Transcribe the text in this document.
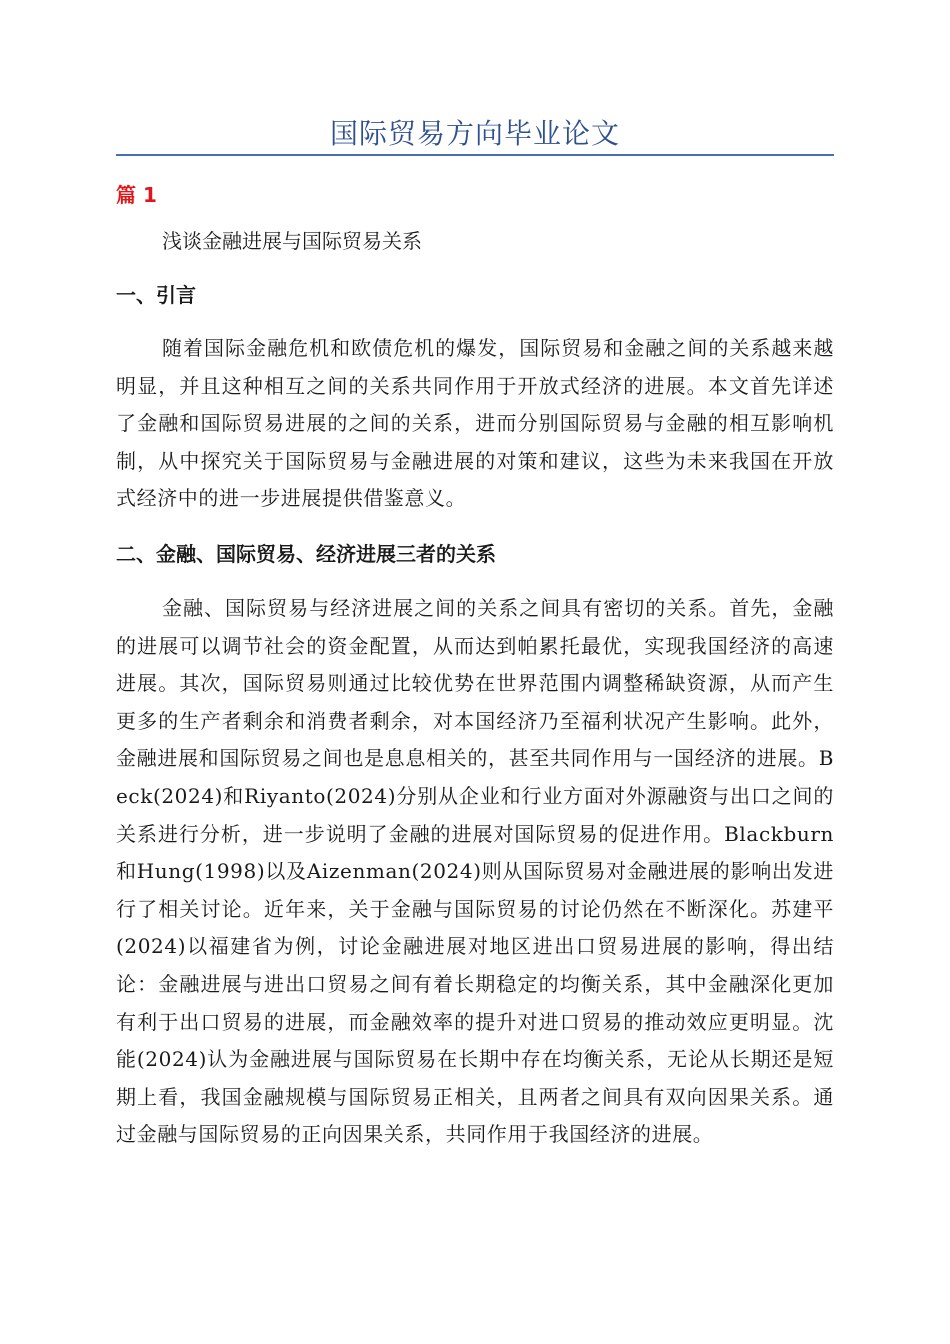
国际贸易方向毕业论文

篇 1

浅谈金融进展与国际贸易关系

一、引言

随着国际金融危机和欧债危机的爆发，国际贸易和金融之间的关系越来越明显，并且这种相互之间的关系共同作用于开放式经济的进展。本文首先详述了金融和国际贸易进展的之间的关系，进而分别国际贸易与金融的相互影响机制，从中探究关于国际贸易与金融进展的对策和建议，这些为未来我国在开放式经济中的进一步进展提供借鉴意义。

二、金融、国际贸易、经济进展三者的关系

金融、国际贸易与经济进展之间的关系之间具有密切的关系。首先，金融的进展可以调节社会的资金配置，从而达到帕累托最优，实现我国经济的高速进展。其次，国际贸易则通过比较优势在世界范围内调整稀缺资源，从而产生更多的生产者剩余和消费者剩余，对本国经济乃至福利状况产生影响。此外，金融进展和国际贸易之间也是息息相关的，甚至共同作用与一国经济的进展。Beck(2024)和Riyanto(2024)分别从企业和行业方面对外源融资与出口之间的关系进行分析，进一步说明了金融的进展对国际贸易的促进作用。Blackburn和Hung(1998)以及Aizenman(2024)则从国际贸易对金融进展的影响出发进行了相关讨论。近年来，关于金融与国际贸易的讨论仍然在不断深化。苏建平(2024)以福建省为例，讨论金融进展对地区进出口贸易进展的影响，得出结论：金融进展与进出口贸易之间有着长期稳定的均衡关系，其中金融深化更加有利于出口贸易的进展，而金融效率的提升对进口贸易的推动效应更明显。沈能(2024)认为金融进展与国际贸易在长期中存在均衡关系，无论从长期还是短期上看，我国金融规模与国际贸易正相关，且两者之间具有双向因果关系。通过金融与国际贸易的正向因果关系，共同作用于我国经济的进展。
